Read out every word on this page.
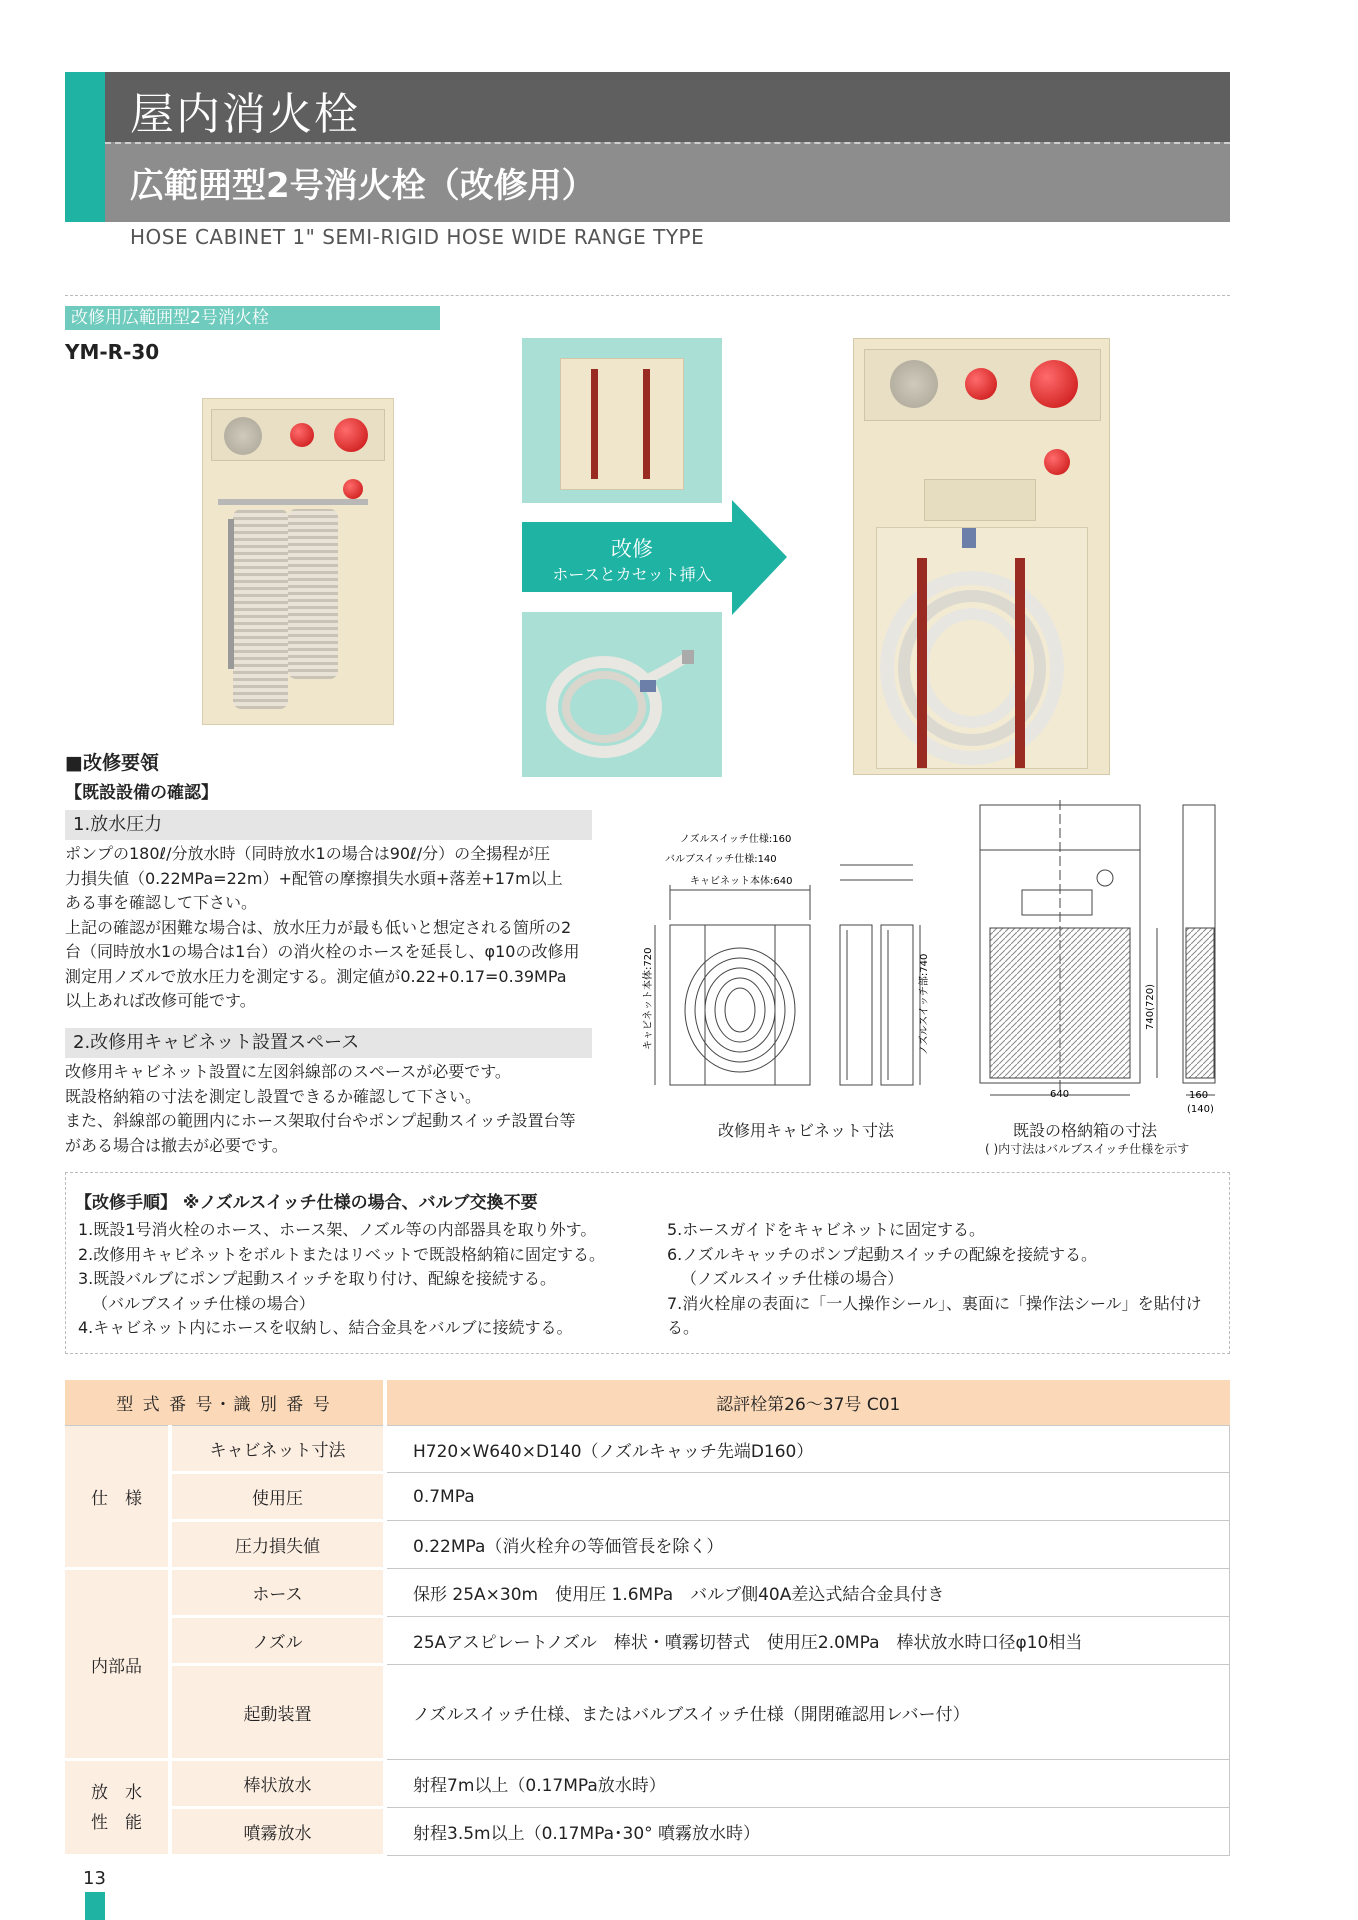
屋内消火栓
広範囲型2号消火栓（改修用）
HOSE CABINET 1" SEMI-RIGID HOSE WIDE RANGE TYPE
改修用広範囲型2号消火栓
YM-R-30
改修
ホースとカセット挿入
■改修要領
【既設設備の確認】
1.放水圧力

ポンプの180ℓ/分放水時（同時放水1の場合は90ℓ/分）の全揚程が圧

力損失値（0.22MPa=22m）+配管の摩擦損失水頭+落差+17m以上

ある事を確認して下さい。

上記の確認が困難な場合は、放水圧力が最も低いと想定される箇所の2

台（同時放水1の場合は1台）の消火栓のホースを延長し、φ10の改修用

測定用ノズルで放水圧力を測定する。測定値が0.22+0.17=0.39MPa

以上あれば改修可能です。

2.改修用キャビネット設置スペース

改修用キャビネット設置に左図斜線部のスペースが必要です。

既設格納箱の寸法を測定し設置できるか確認して下さい。

また、斜線部の範囲内にホース架取付台やポンプ起動スイッチ設置台等

がある場合は撤去が必要です。

ノズルスイッチ仕様:160
バルブスイッチ仕様:140
キャビネット本体:640
キャビネット本体:720	ノズルスイッチ部:740
改修用キャビネット寸法
640
740(720)
160
(140)
既設の格納箱の寸法
( )内寸法はバルブスイッチ仕様を示す
【改修手順】 ※ノズルスイッチ仕様の場合、バルブ交換不要

1.既設1号消火栓のホース、ホース架、ノズル等の内部器具を取り外す。

2.改修用キャビネットをボルトまたはリベットで既設格納箱に固定する。

3.既設バルブにポンプ起動スイッチを取り付け、配線を接続する。

（バルブスイッチ仕様の場合）

4.キャビネット内にホースを収納し、結合金具をバルブに接続する。

5.ホースガイドをキャビネットに固定する。

6.ノズルキャッチのポンプ起動スイッチの配線を接続する。

（ノズルスイッチ仕様の場合）

7.消火栓扉の表面に「一人操作シール」、裏面に「操作法シール」を貼付ける。

型 式 番 号・識 別 番 号		認評栓第26〜37号 C01
仕　様	キャビネット寸法	H720×W640×D140（ノズルキャッチ先端D160）
	使用圧	0.7MPa
	圧力損失値	0.22MPa（消火栓弁の等価管長を除く）
内部品	ホース	保形 25A×30m　使用圧 1.6MPa　バルブ側40A差込式結合金具付き
	ノズル	25Aアスピレートノズル　棒状・噴霧切替式　使用圧2.0MPa　棒状放水時口径φ10相当
	起動装置	ノズルスイッチ仕様、またはバルブスイッチ仕様（開閉確認用レバー付）
放　水
性　能	棒状放水	射程7m以上（0.17MPa放水時）
	噴霧放水	射程3.5m以上（0.17MPa･30° 噴霧放水時）
13
